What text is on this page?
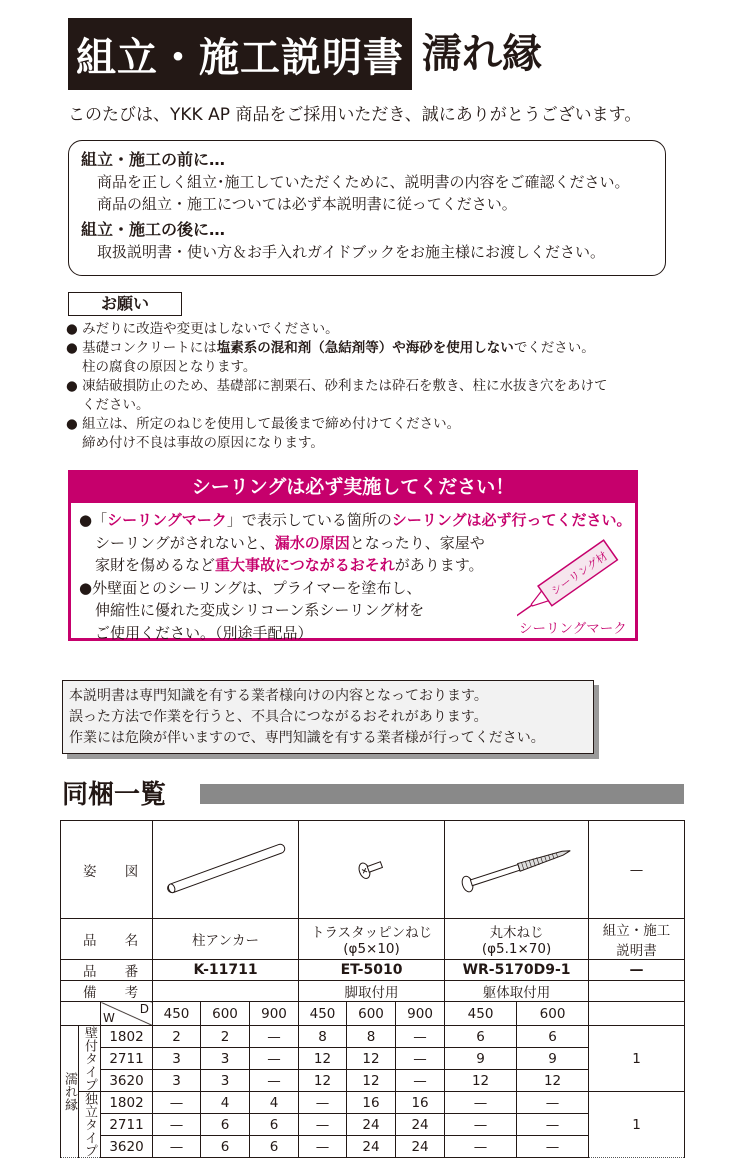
組立・施工説明書 濡れ縁
このたびは、YKK AP 商品をご採用いただき、誠にありがとうございます。
組立・施工の前に…

商品を正しく組立･施工していただくために、説明書の内容をご確認ください。

商品の組立・施工については必ず本説明書に従ってください。

組立・施工の後に…

取扱説明書・使い方＆お手入れガイドブックをお施主様にお渡しください。

お願い
● みだりに改造や変更はしないでください。
● 基礎コンクリートには塩素系の混和剤（急結剤等）や海砂を使用しないでください。
柱の腐食の原因となります。
● 凍結破損防止のため、基礎部に割栗石、砂利または砕石を敷き、柱に水抜き穴をあけて
ください。
● 組立は、所定のねじを使用して最後まで締め付けてください。
締め付け不良は事故の原因になります。
シーリングは必ず実施してください！
●「シーリングマーク」で表示している箇所のシーリングは必ず行ってください。
シーリングがされないと、漏水の原因となったり、家屋や
家財を傷めるなど重大事故につながるおそれがあります。
●外壁面とのシーリングは、プライマーを塗布し、
伸縮性に優れた変成シリコーン系シーリング材を
ご使用ください。（別途手配品）
シーリング材
シーリングマーク
本説明書は専門知識を有する業者様向けの内容となっております。
誤った方法で作業を行うと、不具合につながるおそれがあります。
作業には危険が伴いますので、専門知識を有する業者様が行ってください。
同梱一覧
姿 図											—
品 名			柱アンカー			トラスタッピンねじ
(φ5×10)			丸木ねじ
(φ5.1×70)		組立・施工
説明書
品 番			K-11711			ET-5010			WR-5170D9-1		—
備 考						脚取付用			躯体取付用		

		W
D	450	600	900	450	600	900	450	600	
濡れ縁	壁付タイプ	1802	2	2	—	8	8	—	6	6	1
		2711	3	3	—	12	12	—	9	9	
		3620	3	3	—	12	12	—	12	12	
	独立タイプ	1802	—	4	4	—	16	16	—	—	1
		2711	—	6	6	—	24	24	—	—	
		3620	—	6	6	—	24	24	—	—	
